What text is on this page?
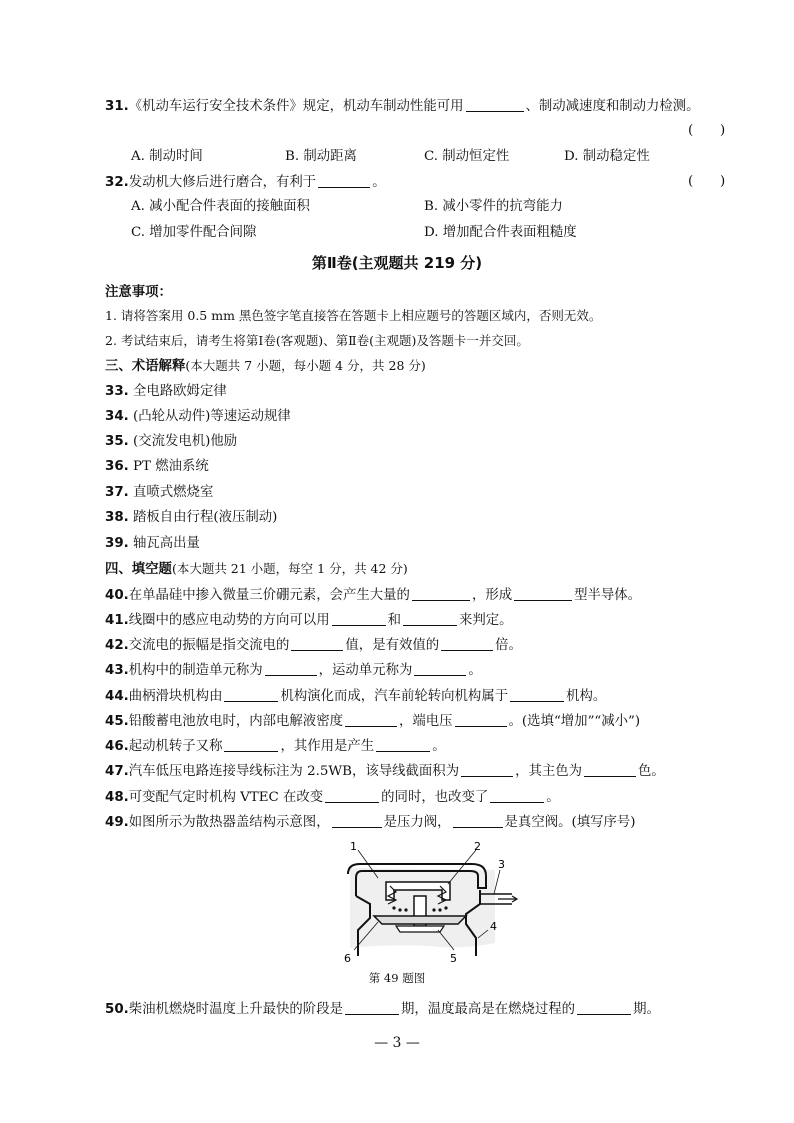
31.《机动车运行安全技术条件》规定，机动车制动性能可用	、制动减速度和制动力检测。
(　　)
A. 制动时间	B. 制动距离	C. 制动恒定性	D. 制动稳定性
32.发动机大修后进行磨合，有利于	。	(　　)
A. 减小配合件表面的接触面积	B. 减小零件的抗弯能力
C. 增加零件配合间隙	D. 增加配合件表面粗糙度
第Ⅱ卷(主观题共 219 分)
注意事项：
1. 请将答案用 0.5 mm 黑色签字笔直接答在答题卡上相应题号的答题区域内，否则无效。
2. 考试结束后，请考生将第Ⅰ卷(客观题)、第Ⅱ卷(主观题)及答题卡一并交回。
三、术语解释(本大题共 7 小题，每小题 4 分，共 28 分)
33. 全电路欧姆定律
34. (凸轮从动件)等速运动规律
35. (交流发电机)他励
36. PT 燃油系统
37. 直喷式燃烧室
38. 踏板自由行程(液压制动)
39. 轴瓦高出量
四、填空题(本大题共 21 小题，每空 1 分，共 42 分)
40.在单晶硅中掺入微量三价硼元素，会产生大量的	，形成	型半导体。
41.线圈中的感应电动势的方向可以用	和	来判定。
42.交流电的振幅是指交流电的	值，是有效值的	倍。
43.机构中的制造单元称为	，运动单元称为	。
44.曲柄滑块机构由	机构演化而成，汽车前轮转向机构属于	机构。
45.铅酸蓄电池放电时，内部电解液密度	，端电压	。(选填“增加”“减小”)
46.起动机转子又称	，其作用是产生	。
47.汽车低压电路连接导线标注为 2.5WB，该导线截面积为	，其主色为	色。
48.可变配气定时机构 VTEC 在改变	的同时，也改变了	。
49.如图所示为散热器盖结构示意图，	是压力阀，	是真空阀。(填写序号)
1	2
3
4
5
6
第 49 题图
50.柴油机燃烧时温度上升最快的阶段是	期，温度最高是在燃烧过程的	期。
— 3 —
